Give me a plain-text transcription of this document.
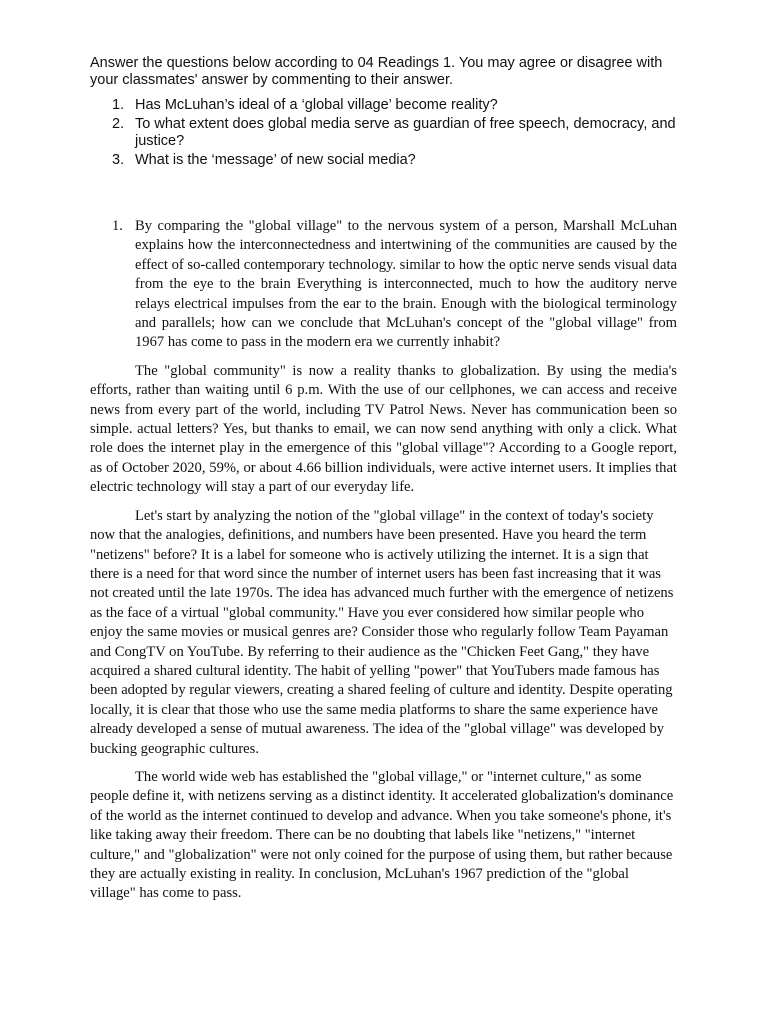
Answer the questions below according to 04 Readings 1. You may agree or disagree with your classmates' answer by commenting to their answer.

1. Has McLuhan’s ideal of a ‘global village’ become reality?
2. To what extent does global media serve as guardian of free speech, democracy, and justice?
3. What is the ‘message’ of new social media?
1. By comparing the "global village" to the nervous system of a person, Marshall McLuhan explains how the interconnectedness and intertwining of the communities are caused by the effect of so-called contemporary technology. similar to how the optic nerve sends visual data from the eye to the brain Everything is interconnected, much to how the auditory nerve relays electrical impulses from the ear to the brain. Enough with the biological terminology and parallels; how can we conclude that McLuhan's concept of the "global village" from 1967 has come to pass in the modern era we currently inhabit?

The "global community" is now a reality thanks to globalization. By using the media's efforts, rather than waiting until 6 p.m. With the use of our cellphones, we can access and receive news from every part of the world, including TV Patrol News. Never has communication been so simple. actual letters? Yes, but thanks to email, we can now send anything with only a click. What role does the internet play in the emergence of this "global village"? According to a Google report, as of October 2020, 59%, or about 4.66 billion individuals, were active internet users. It implies that electric technology will stay a part of our everyday life.

Let's start by analyzing the notion of the "global village" in the context of today's society now that the analogies, definitions, and numbers have been presented. Have you heard the term "netizens" before? It is a label for someone who is actively utilizing the internet. It is a sign that there is a need for that word since the number of internet users has been fast increasing that it was not created until the late 1970s. The idea has advanced much further with the emergence of netizens as the face of a virtual "global community." Have you ever considered how similar people who enjoy the same movies or musical genres are? Consider those who regularly follow Team Payaman and CongTV on YouTube. By referring to their audience as the "Chicken Feet Gang," they have acquired a shared cultural identity. The habit of yelling "power" that YouTubers made famous has been adopted by regular viewers, creating a shared feeling of culture and identity. Despite operating locally, it is clear that those who use the same media platforms to share the same experience have already developed a sense of mutual awareness. The idea of the "global village" was developed by bucking geographic cultures.

The world wide web has established the "global village," or "internet culture," as some people define it, with netizens serving as a distinct identity. It accelerated globalization's dominance of the world as the internet continued to develop and advance. When you take someone's phone, it's like taking away their freedom. There can be no doubting that labels like "netizens," "internet culture," and "globalization" were not only coined for the purpose of using them, but rather because they are actually existing in reality. In conclusion, McLuhan's 1967 prediction of the "global village" has come to pass.
